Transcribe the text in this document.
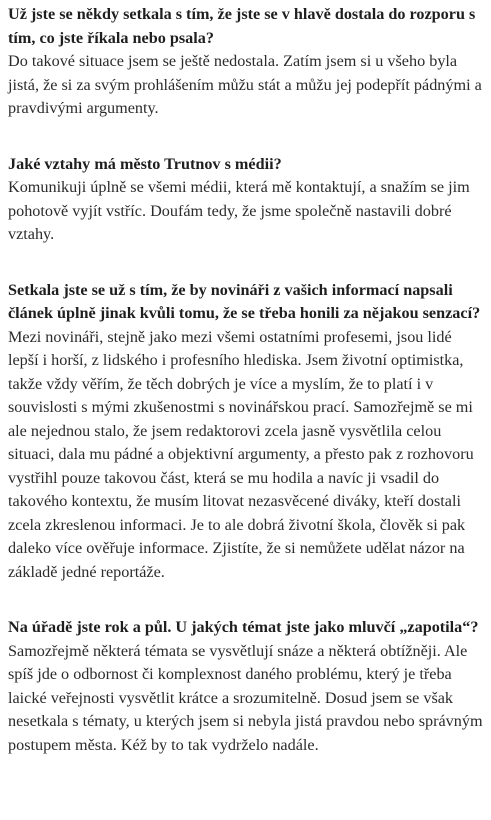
Už jste se někdy setkala s tím, že jste se v hlavě dostala do rozporu s tím, co jste říkala nebo psala?

Do takové situace jsem se ještě nedostala. Zatím jsem si u všeho byla jistá, že si za svým prohlášením můžu stát a můžu jej podepřít pádnými a pravdivými argumenty.

Jaké vztahy má město Trutnov s médii?

Komunikuji úplně se všemi médii, která mě kontaktují, a snažím se jim pohotově vyjít vstříc. Doufám tedy, že jsme společně nastavili dobré vztahy.

Setkala jste se už s tím, že by novináři z vašich informací napsali článek úplně jinak kvůli tomu, že se třeba honili za nějakou senzací?

Mezi novináři, stejně jako mezi všemi ostatními profesemi, jsou lidé lepší i horší, z lidského i profesního hlediska. Jsem životní optimistka, takže vždy věřím, že těch dobrých je více a myslím, že to platí i v souvislosti s mými zkušenostmi s novinářskou prací. Samozřejmě se mi ale nejednou stalo, že jsem redaktorovi zcela jasně vysvětlila celou situaci, dala mu pádné a objektivní argumenty, a přesto pak z rozhovoru vystřihl pouze takovou část, která se mu hodila a navíc ji vsadil do takového kontextu, že musím litovat nezasvěcené diváky, kteří dostali zcela zkreslenou informaci. Je to ale dobrá životní škola, člověk si pak daleko více ověřuje informace. Zjistíte, že si nemůžete udělat názor na základě jedné reportáže.

Na úřadě jste rok a půl. U jakých témat jste jako mluvčí „zapotila“?

Samozřejmě některá témata se vysvětlují snáze a některá obtížněji. Ale spíš jde o odbornost či komplexnost daného problému, který je třeba laické veřejnosti vysvětlit krátce a srozumitelně. Dosud jsem se však nesetkala s tématy, u kterých jsem si nebyla jistá pravdou nebo správným postupem města. Kéž by to tak vydrželo nadále.
